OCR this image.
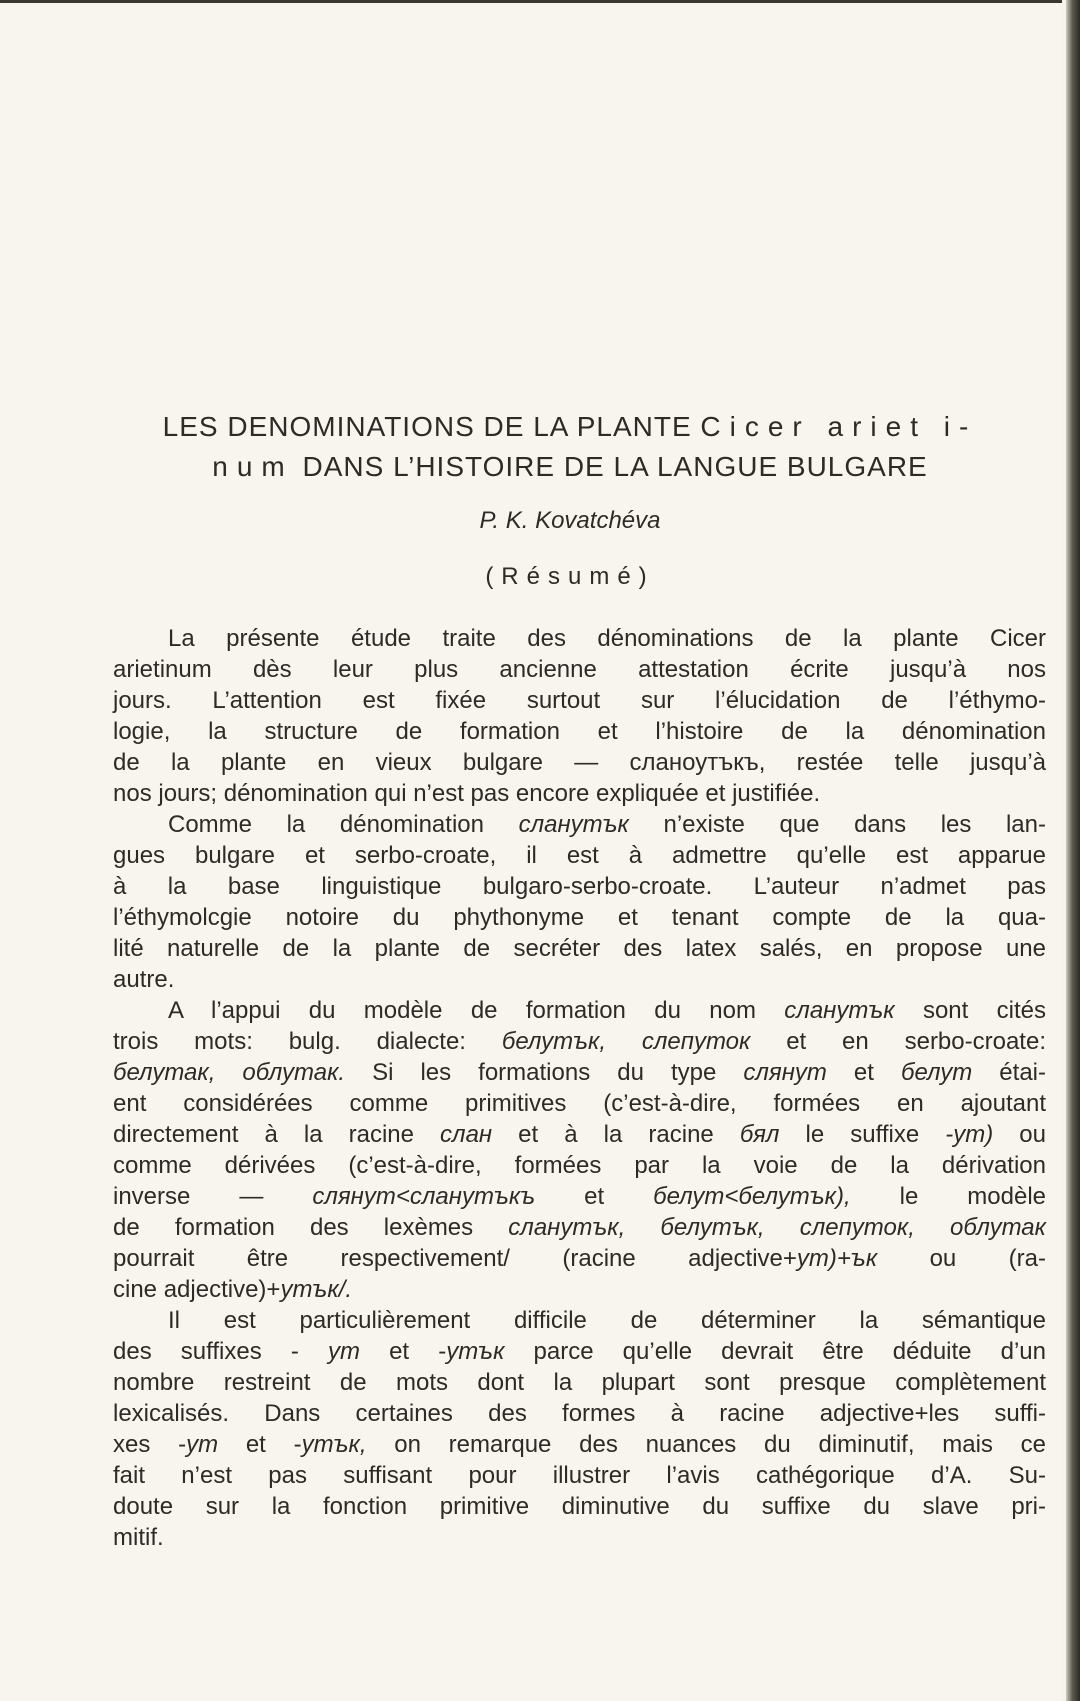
LES DENOMINATIONS DE LA PLANTE Cicer ariet i-
num DANS L’HISTOIRE DE LA LANGUE BULGARE
P. K. Kovatchéva
(Résumé)

La présente étude traite des dénominations de la plante Cicer
arietinum dès leur plus ancienne attestation écrite jusqu’à nos
jours. L’attention est fixée surtout sur l’élucidation de l’éthymo-
logie, la structure de formation et l’histoire de la dénomination
de la plante en vieux bulgare — сланоутъкъ, restée telle jusqu’à
nos jours; dénomination qui n’est pas encore expliquée et justifiée.

Comme la dénomination сланутък n’existe que dans les lan-
gues bulgare et serbo-croate, il est à admettre qu’elle est apparue
à la base linguistique bulgaro-serbo-croate. L’auteur n’admet pas
l’éthymolcgie notoire du phythonyme et tenant compte de la qua-
lité naturelle de la plante de secréter des latex salés, en propose une
autre.

A l’appui du modèle de formation du nom сланутък sont cités
trois mots: bulg. dialecte: белутък, слепуток et en serbo-croate:
белутак, облутак. Si les formations du type слянут et белут étai-
ent considérées comme primitives (c’est-à-dire, formées en ajoutant
directement à la racine слан et à la racine бял le suffixe -ут) ou
comme dérivées (c’est-à-dire, formées par la voie de la dérivation
inverse — слянут<сланутъкъ et белут<белутък), le modèle
de formation des lexèmes сланутък, белутък, слепуток, облутак
pourrait être respectivement/ (racine adjective+ут)+ък ou (ra-
cine adjective)+утък/.

Il est particulièrement difficile de déterminer la sémantique
des suffixes - ут et -утък parce qu’elle devrait être déduite d’un
nombre restreint de mots dont la plupart sont presque complètement
lexicalisés. Dans certaines des formes à racine adjective+les suffi-
xes -ут et -утък, on remarque des nuances du diminutif, mais ce
fait n’est pas suffisant pour illustrer l’avis cathégorique d’A. Su-
doute sur la fonction primitive diminutive du suffixe du slave pri-
mitif.
